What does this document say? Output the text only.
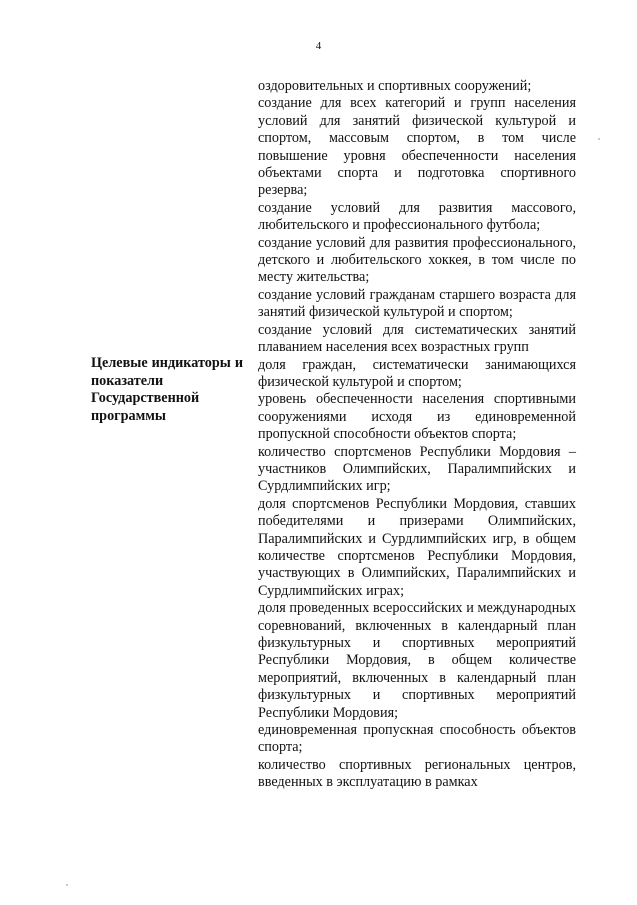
4
Целевые индикаторы и показатели Государственной программы

оздоровительных и спортивных сооружений;

создание для всех категорий и групп населения условий для занятий физической культурой и спортом, массовым спортом, в том числе повышение уровня обеспеченности населения объектами спорта и подготовка спортивного резерва;

создание условий для развития массового, любительского и профессионального футбола;

создание условий для развития профессионального, детского и любительского хоккея, в том числе по месту жительства;

создание условий гражданам старшего возраста для занятий физической культурой и спортом;

создание условий для систематических занятий плаванием населения всех возрастных групп

доля граждан, систематически занимающихся физической культурой и спортом;

уровень обеспеченности населения спортивными сооружениями исходя из единовременной пропускной способности объектов спорта;

количество спортсменов Республики Мордовия – участников Олимпийских, Паралимпийских и Сурдлимпийских игр;

доля спортсменов Республики Мордовия, ставших победителями и призерами Олимпийских, Паралимпийских и Сурдлимпийских игр, в общем количестве спортсменов Республики Мордовия, участвующих в Олимпийских, Паралимпийских и Сурдлимпийских играх;

доля проведенных всероссийских и международных соревнований, включенных в календарный план физкультурных и спортивных мероприятий Республики Мордовия, в общем количестве мероприятий, включенных в календарный план физкультурных и спортивных мероприятий Республики Мордовия;

единовременная пропускная способность объектов спорта;

количество спортивных региональных центров, введенных в эксплуатацию в рамках
